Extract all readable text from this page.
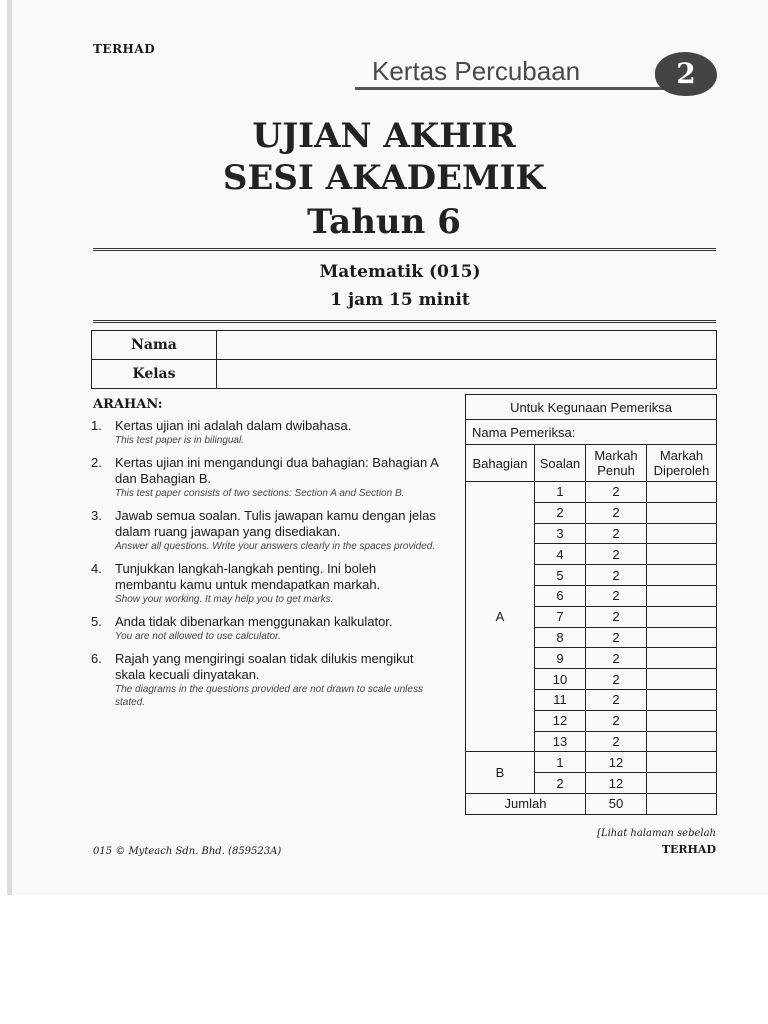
TERHAD
Kertas Percubaan	2
UJIAN AKHIR
SESI AKADEMIK
Tahun 6
Matematik (015)
1 jam 15 minit
Nama	
Kelas	
ARAHAN:
1. Kertas ujian ini adalah dalam dwibahasa.
This test paper is in bilingual.
2. Kertas ujian ini mengandungi dua bahagian: Bahagian A dan Bahagian B.
This test paper consists of two sections: Section A and Section B.
3. Jawab semua soalan. Tulis jawapan kamu dengan jelas dalam ruang jawapan yang disediakan.
Answer all questions. Write your answers clearly in the spaces provided.
4. Tunjukkan langkah-langkah penting. Ini boleh membantu kamu untuk mendapatkan markah.
Show your working. It may help you to get marks.
5. Anda tidak dibenarkan menggunakan kalkulator.
You are not allowed to use calculator.
6. Rajah yang mengiringi soalan tidak dilukis mengikut skala kecuali dinyatakan.
The diagrams in the questions provided are not drawn to scale unless stated.
Untuk Kegunaan Pemeriksa			
Nama Pemeriksa:			
Bahagian	Soalan	Markah Penuh	Markah Diperoleh
A	1	2	
	2	2	
	3	2	
	4	2	
	5	2	
	6	2	
	7	2	
	8	2	
	9	2	
	10	2	
	11	2	
	12	2	
	13	2	
B	1	12	
	2	12	
Jumlah		50	
[Lihat halaman sebelah
TERHAD
015 © Myteach Sdn. Bhd. (859523A)
